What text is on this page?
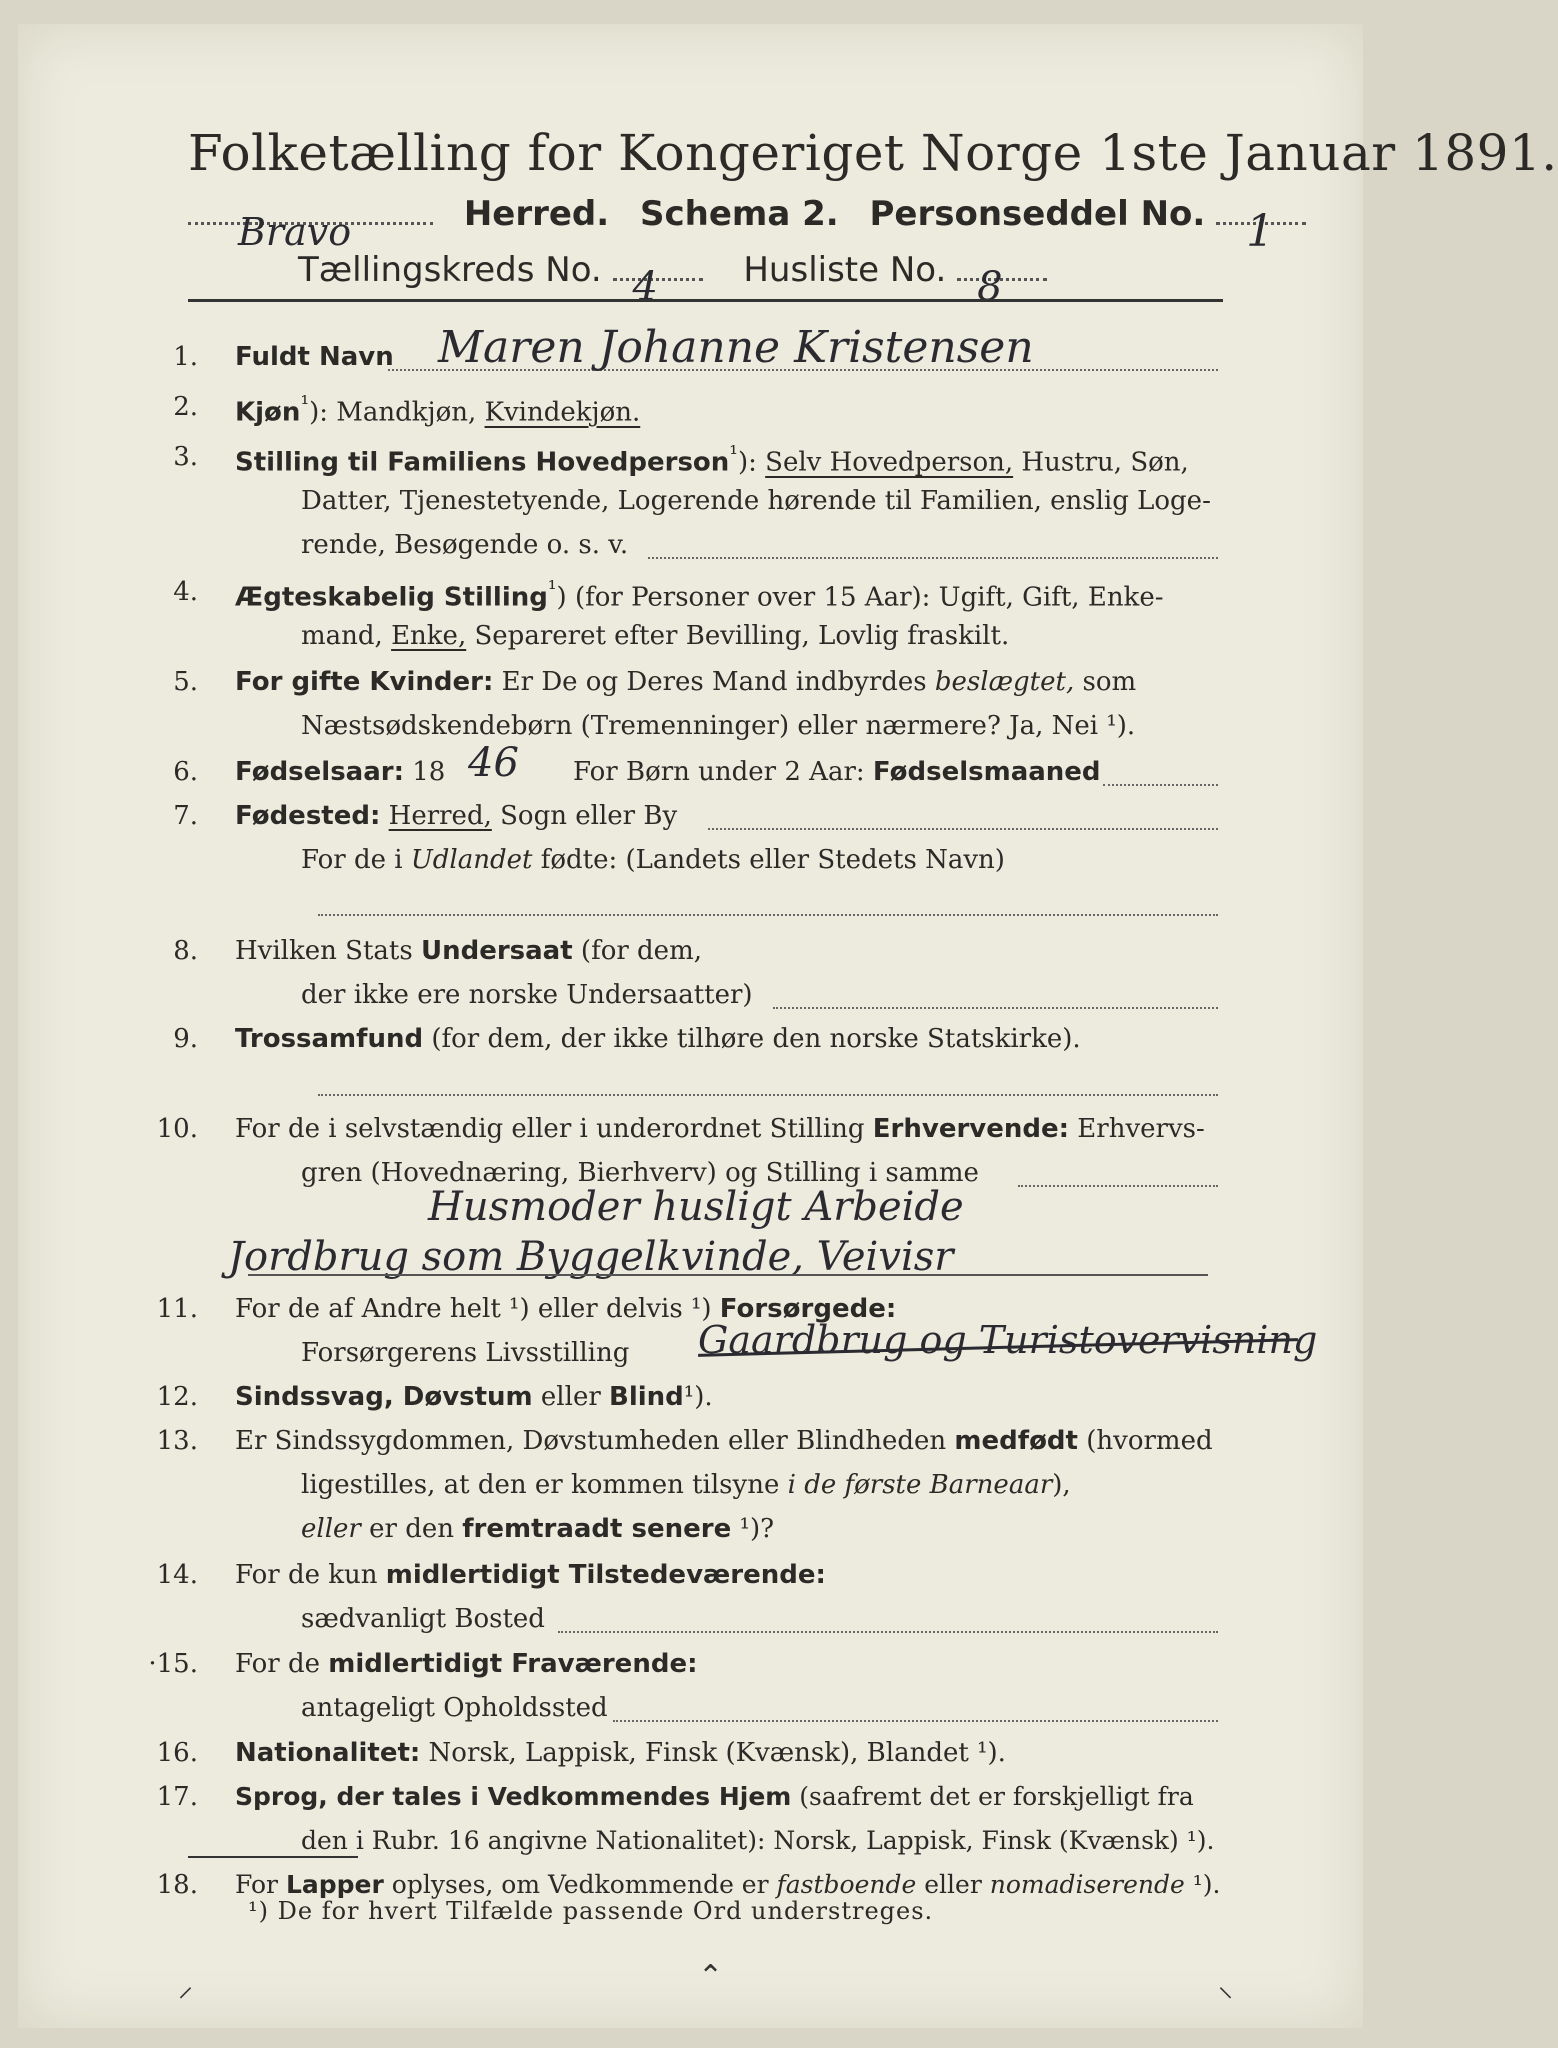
Folketælling for Kongeriget Norge 1ste Januar 1891.
Bravo	Herred. Schema 2. Personseddel No. 1
Tællingskreds No. 4	Husliste No. 8
1. Fuldt Navn Maren Johanne Kristensen
2. Kjøn$^{^1}$): Mandkjøn, Kvindekjøn.
3. Stilling til Familiens Hovedperson$^{^1}$): Selv Hovedperson, Hustru, Søn,
Datter, Tjenestetyende, Logerende hørende til Familien, enslig Loge-
rende, Besøgende o. s. v.
4. Ægteskabelig Stilling$^{^1}$) (for Personer over 15 Aar): Ugift, Gift, Enke-
mand, Enke, Separeret efter Bevilling, Lovlig fraskilt.
5. For gifte Kvinder: Er De og Deres Mand indbyrdes beslægtet, som
Næstsødskendebørn (Tremenninger) eller nærmere? Ja, Nei ¹).
6. Fødselsaar: 18 46 For Børn under 2 Aar: Fødselsmaaned
7. Fødested: Herred, Sogn eller By
For de i Udlandet fødte: (Landets eller Stedets Navn)
8. Hvilken Stats Undersaat (for dem,
der ikke ere norske Undersaatter)
9. Trossamfund (for dem, der ikke tilhøre den norske Statskirke).
10. For de i selvstændig eller i underordnet Stilling Erhvervende: Erhvervs-
gren (Hovednæring, Bierhverv) og Stilling i samme
Husmoder husligt Arbeide
Jordbrug som Byggelkvinde, Veivisr
11. For de af Andre helt ¹) eller delvis ¹) Forsørgede:
Forsørgerens Livsstilling Gaardbrug og Turistovervisning
12. Sindssvag, Døvstum eller Blind¹).
13. Er Sindssygdommen, Døvstumheden eller Blindheden medfødt (hvormed
ligestilles, at den er kommen tilsyne i de første Barneaar),
eller er den fremtraadt senere ¹)?
14. For de kun midlertidigt Tilstedeværende:
sædvanligt Bosted
·15. For de midlertidigt Fraværende:
antageligt Opholdssted
16. Nationalitet: Norsk, Lappisk, Finsk (Kvænsk), Blandet ¹).
17. Sprog, der tales i Vedkommendes Hjem (saafremt det er forskjelligt fra
den i Rubr. 16 angivne Nationalitet): Norsk, Lappisk, Finsk (Kvænsk) ¹).
18. For Lapper oplyses, om Vedkommende er fastboende eller nomadiserende ¹).
¹) De for hvert Tilfælde passende Ord understreges.
⸝	⌃	⸜
